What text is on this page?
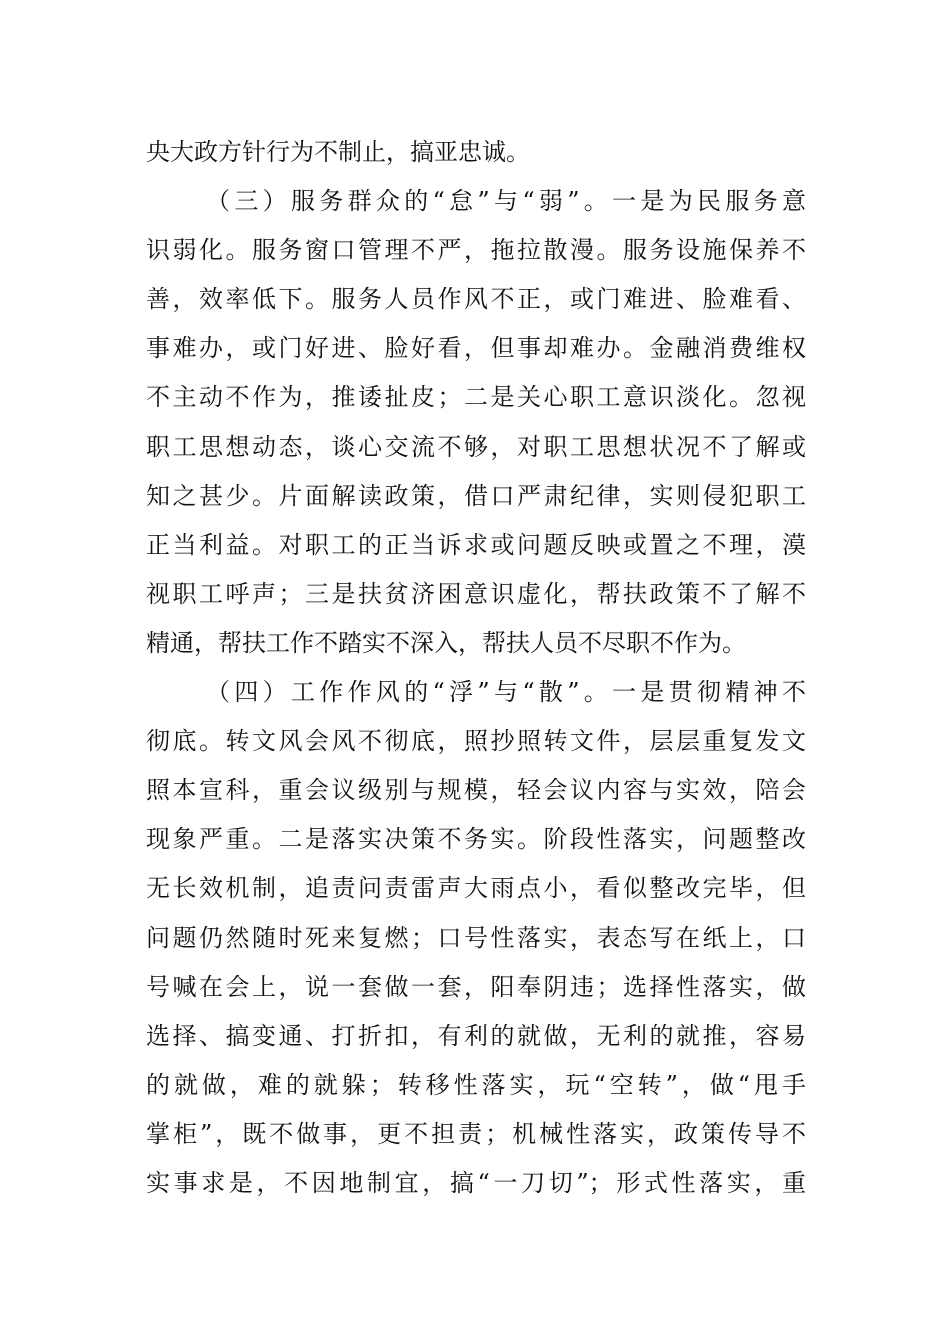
央大政方针行为不制止，搞亚忠诚。
（三）服务群众的“怠”与“弱”。一是为民服务意
识弱化。服务窗口管理不严，拖拉散漫。服务设施保养不
善，效率低下。服务人员作风不正，或门难进、脸难看、
事难办，或门好进、脸好看，但事却难办。金融消费维权
不主动不作为，推诿扯皮；二是关心职工意识淡化。忽视
职工思想动态，谈心交流不够，对职工思想状况不了解或
知之甚少。片面解读政策，借口严肃纪律，实则侵犯职工
正当利益。对职工的正当诉求或问题反映或置之不理，漠
视职工呼声；三是扶贫济困意识虚化，帮扶政策不了解不
精通，帮扶工作不踏实不深入，帮扶人员不尽职不作为。
（四）工作作风的“浮”与“散”。一是贯彻精神不
彻底。转文风会风不彻底，照抄照转文件，层层重复发文
照本宣科，重会议级别与规模，轻会议内容与实效，陪会
现象严重。二是落实决策不务实。阶段性落实，问题整改
无长效机制，追责问责雷声大雨点小，看似整改完毕，但
问题仍然随时死来复燃；口号性落实，表态写在纸上，口
号喊在会上，说一套做一套，阳奉阴违；选择性落实，做
选择、搞变通、打折扣，有利的就做，无利的就推，容易
的就做，难的就躲；转移性落实，玩“空转”，做“甩手
掌柜”，既不做事，更不担责；机械性落实，政策传导不
实事求是，不因地制宜，搞“一刀切”；形式性落实，重
